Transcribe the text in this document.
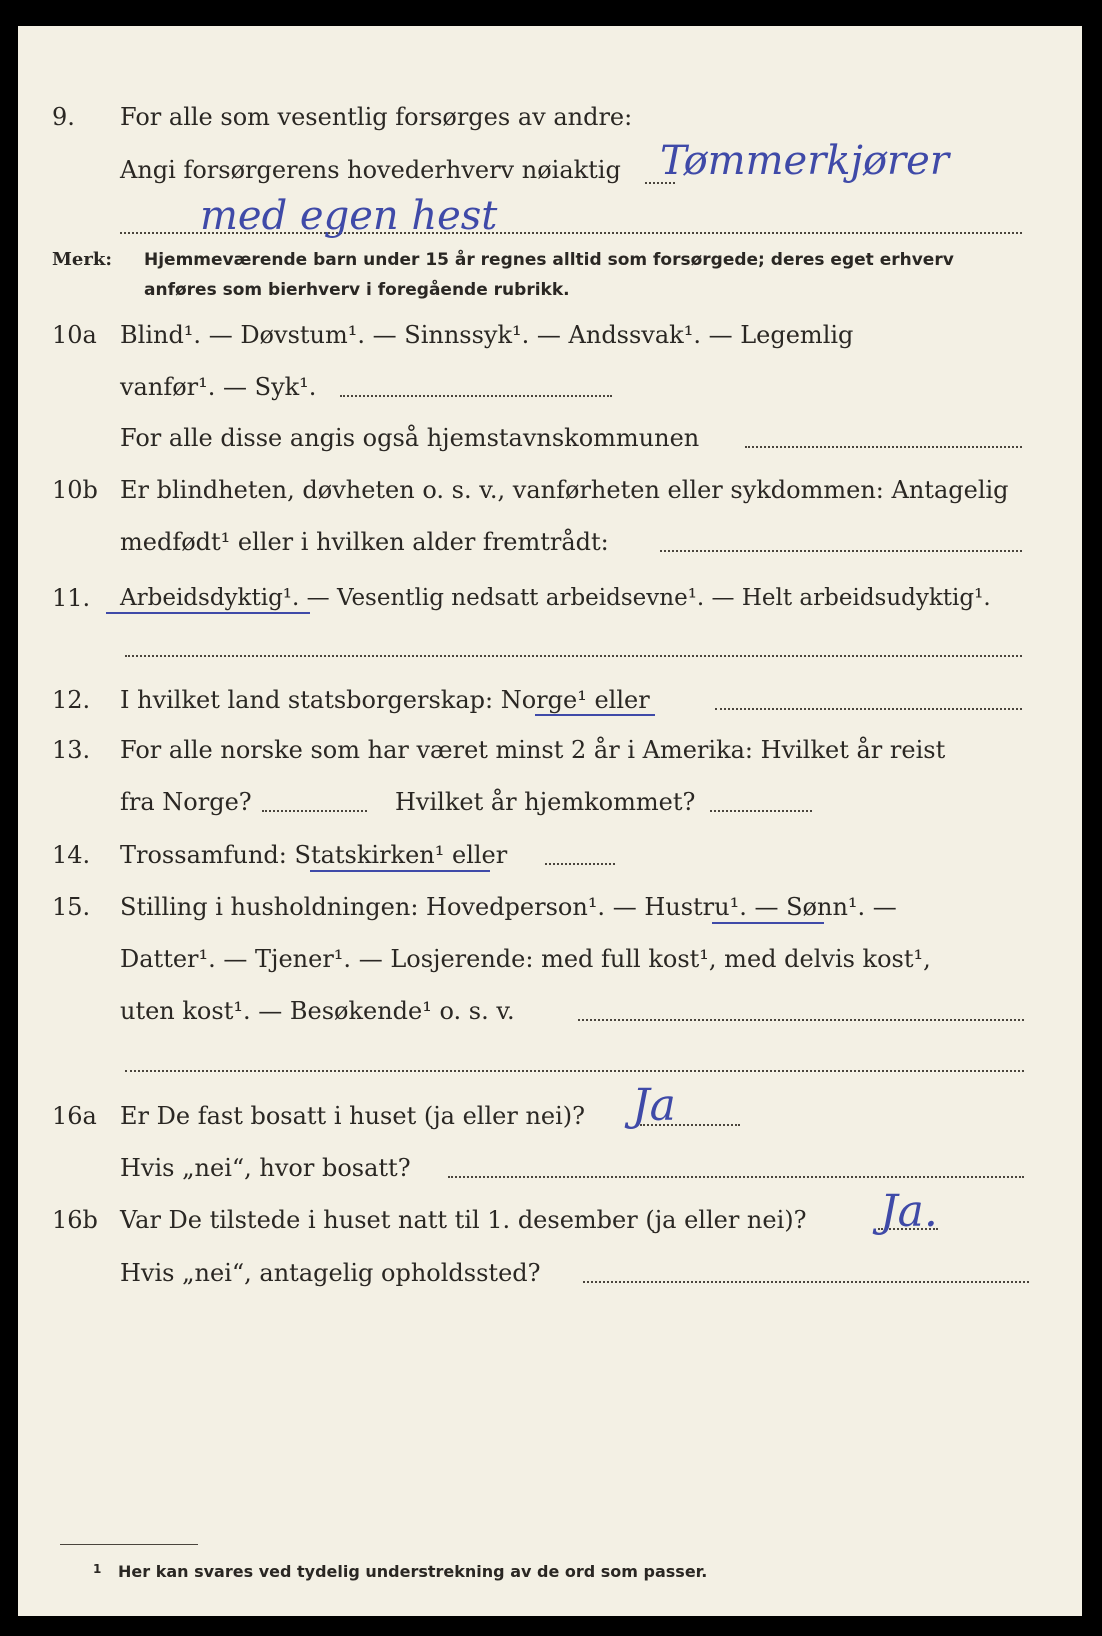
9. For alle som vesentlig forsørges av andre:
Angi forsørgerens hovederhverv nøiaktig Tømmerkjører
med egen hest
Merk: Hjemmeværende barn under 15 år regnes alltid som forsørgede; deres eget erhverv
anføres som bierhverv i foregående rubrikk.
10a Blind¹. — Døvstum¹. — Sinnssyk¹. — Andssvak¹. — Legemlig
vanfør¹. — Syk¹.
For alle disse angis også hjemstavnskommunen
10b Er blindheten, døvheten o. s. v., vanførheten eller sykdommen: Antagelig
medfødt¹ eller i hvilken alder fremtrådt:
11. Arbeidsdyktig¹. — Vesentlig nedsatt arbeidsevne¹. — Helt arbeidsudyktig¹.
12. I hvilket land statsborgerskap: Norge¹ eller
13. For alle norske som har været minst 2 år i Amerika: Hvilket år reist
fra Norge?	Hvilket år hjemkommet?
14. Trossamfund: Statskirken¹ eller
15. Stilling i husholdningen: Hovedperson¹. — Hustru¹. — Sønn¹. —
Datter¹. — Tjener¹. — Losjerende: med full kost¹, med delvis kost¹,
uten kost¹. — Besøkende¹ o. s. v.
16a Er De fast bosatt i huset (ja eller nei)? Ja
Hvis „nei“, hvor bosatt?
16b Var De tilstede i huset natt til 1. desember (ja eller nei)? Ja.
Hvis „nei“, antagelig opholdssted?
1 Her kan svares ved tydelig understrekning av de ord som passer.
